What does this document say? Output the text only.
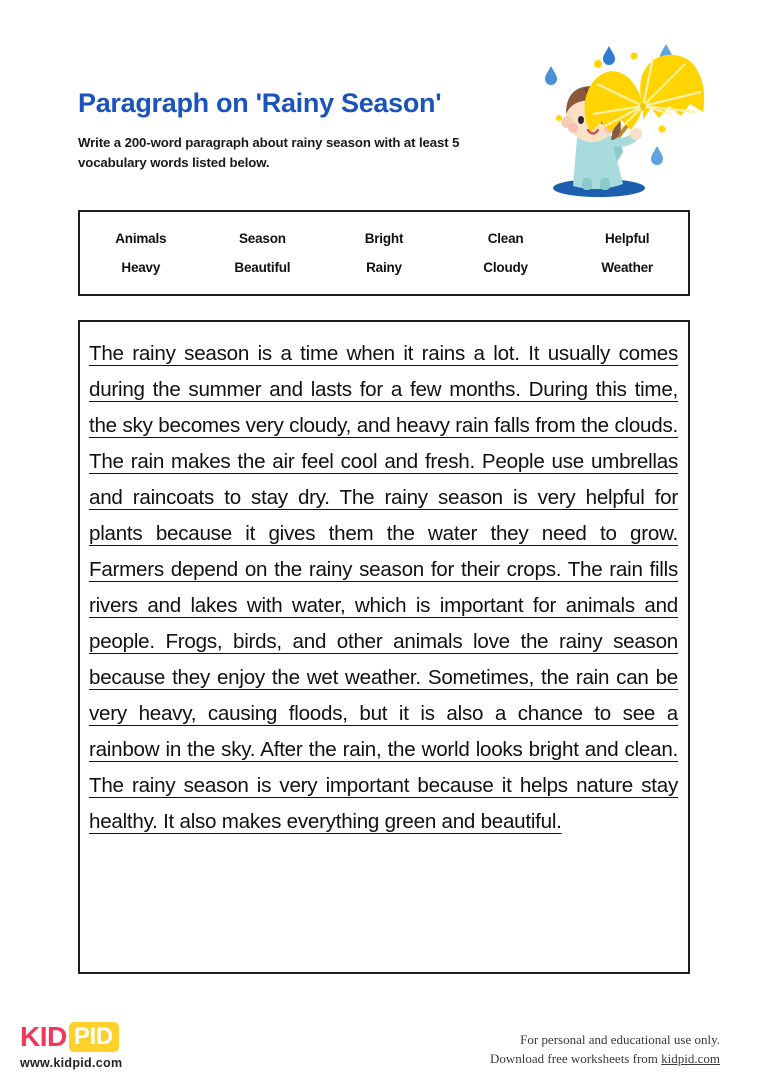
Paragraph on 'Rainy Season'
Write a 200-word paragraph about rainy season with at least 5 vocabulary words listed below.
Animals	Season	Bright	Clean	Helpful
Heavy	Beautiful	Rainy	Cloudy	Weather
The rainy season is a time when it rains a lot. It usually comes during the summer and lasts for a few months. During this time, the sky becomes very cloudy, and heavy rain falls from the clouds. The rain makes the air feel cool and fresh. People use umbrellas and raincoats to stay dry. The rainy season is very helpful for plants because it gives them the water they need to grow. Farmers depend on the rainy season for their crops. The rain fills rivers and lakes with water, which is important for animals and people. Frogs, birds, and other animals love the rainy season because they enjoy the wet weather. Sometimes, the rain can be very heavy, causing floods, but it is also a chance to see a rainbow in the sky. After the rain, the world looks bright and clean. The rainy season is very important because it helps nature stay healthy. It also makes everything green and beautiful.
KID PID
www.kidpid.com
For personal and educational use only.
Download free worksheets from kidpid.com
